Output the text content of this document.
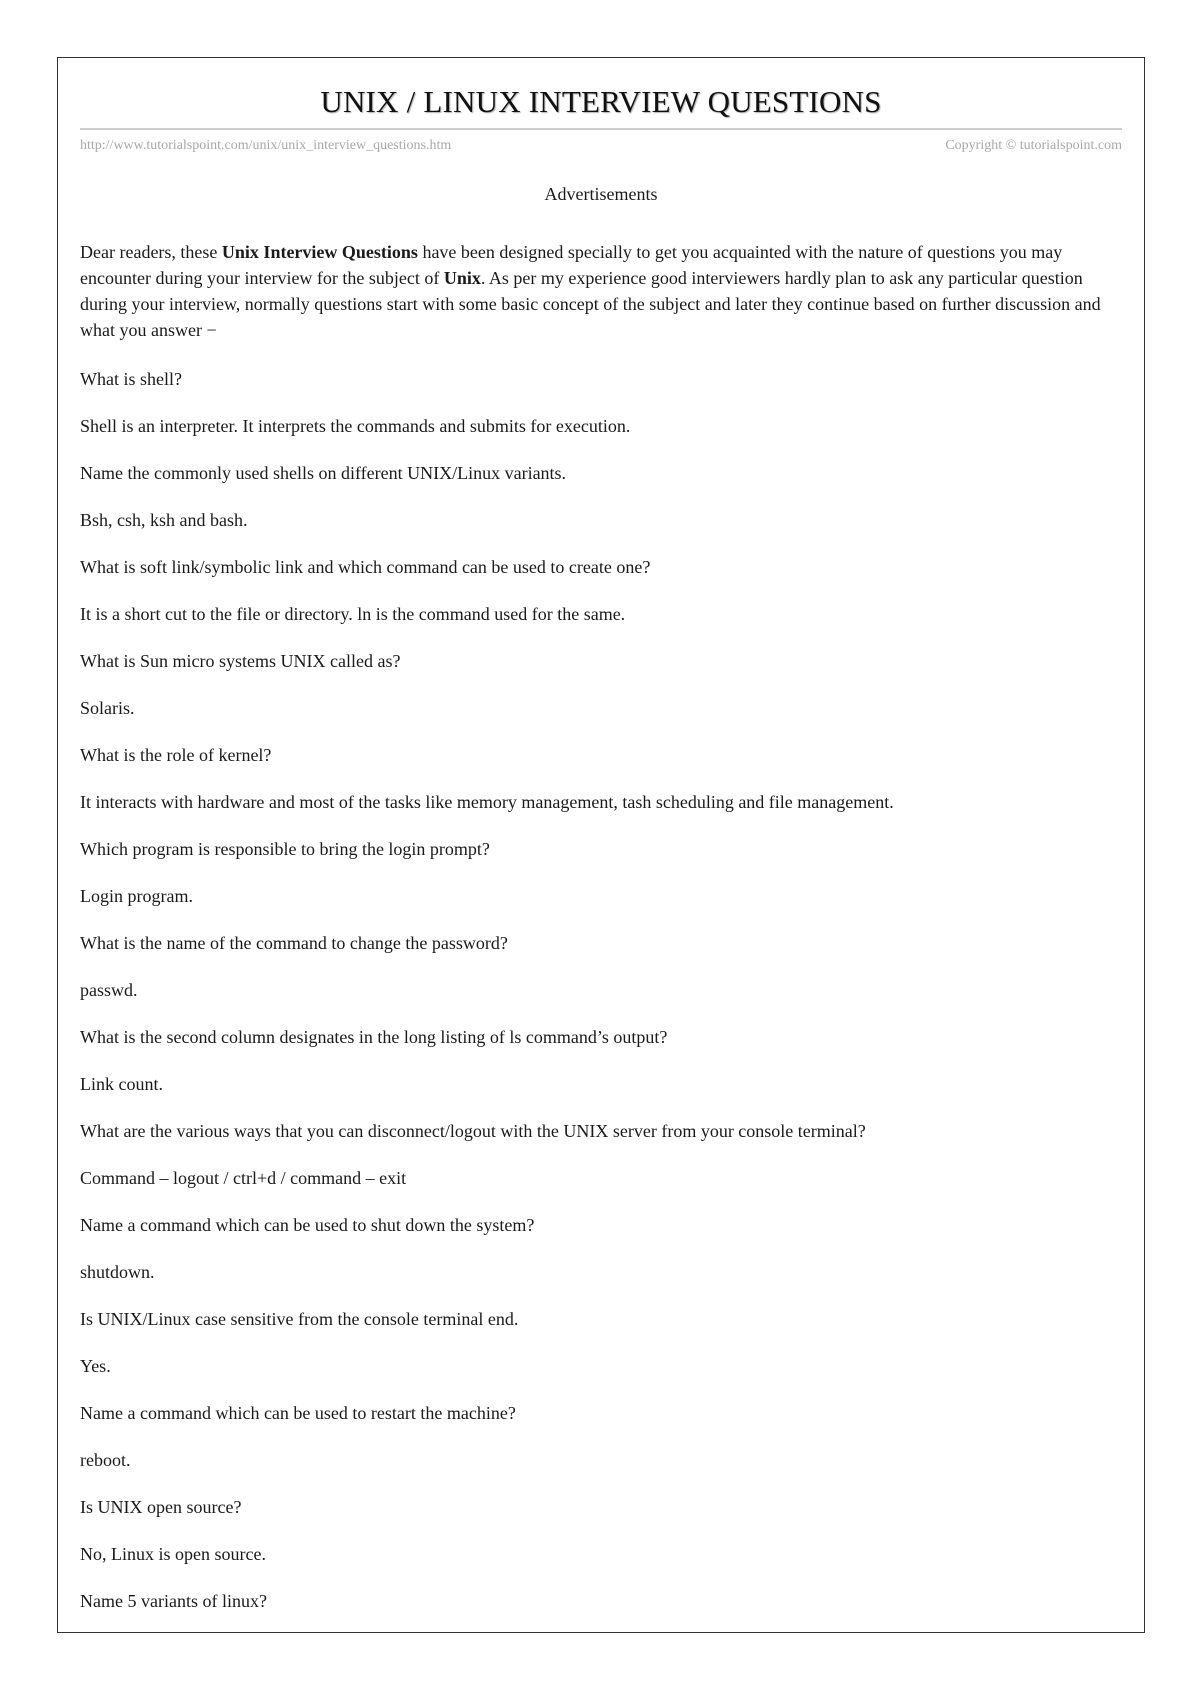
UNIX / LINUX INTERVIEW QUESTIONS
http://www.tutorialspoint.com/unix/unix_interview_questions.htm	Copyright © tutorialspoint.com
Advertisements

Dear readers, these Unix Interview Questions have been designed specially to get you acquainted with the nature of questions you may encounter during your interview for the subject of Unix. As per my experience good interviewers hardly plan to ask any particular question during your interview, normally questions start with some basic concept of the subject and later they continue based on further discussion and what you answer −

What is shell?
Shell is an interpreter. It interprets the commands and submits for execution.
Name the commonly used shells on different UNIX/Linux variants.
Bsh, csh, ksh and bash.
What is soft link/symbolic link and which command can be used to create one?
It is a short cut to the file or directory. ln is the command used for the same.
What is Sun micro systems UNIX called as?
Solaris.
What is the role of kernel?
It interacts with hardware and most of the tasks like memory management, tash scheduling and file management.
Which program is responsible to bring the login prompt?
Login program.
What is the name of the command to change the password?
passwd.
What is the second column designates in the long listing of ls command’s output?
Link count.
What are the various ways that you can disconnect/logout with the UNIX server from your console terminal?
Command – logout / ctrl+d / command – exit
Name a command which can be used to shut down the system?
shutdown.
Is UNIX/Linux case sensitive from the console terminal end.
Yes.
Name a command which can be used to restart the machine?
reboot.
Is UNIX open source?
No, Linux is open source.
Name 5 variants of linux?
